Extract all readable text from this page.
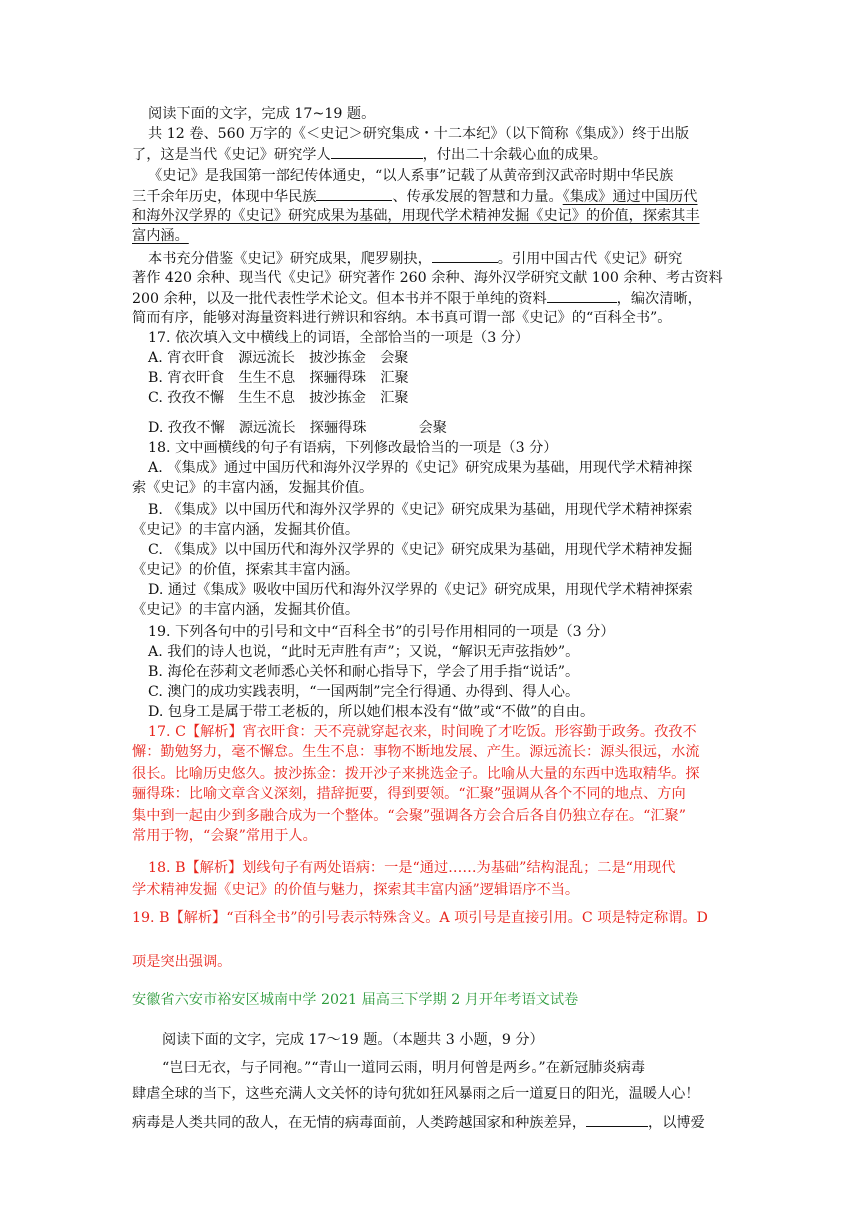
阅读下面的文字，完成 17~19 题。
共 12 卷、560 万字的《＜史记＞研究集成・十二本纪》（以下简称《集成》）终于出版
了，这是当代《史记》研究学人	，付出二十余载心血的成果。
《史记》是我国第一部纪传体通史，“以人系事”记载了从黄帝到汉武帝时期中华民族
三千余年历史，体现中华民族	、传承发展的智慧和力量。《集成》通过中国历代
和海外汉学界的《史记》研究成果为基础，用现代学术精神发掘《史记》的价值，探索其丰
富内涵。
本书充分借鉴《史记》研究成果，爬罗剔抉，	。引用中国古代《史记》研究
著作 420 余种、现当代《史记》研究著作 260 余种、海外汉学研究文献 100 余种、考古资料
200 余种，以及一批代表性学术论文。但本书并不限于单纯的资料	，编次清晰，
简而有序，能够对海量资料进行辨识和容纳。本书真可谓一部《史记》的“百科全书”。
17. 依次填入文中横线上的词语，全部恰当的一项是（3 分）
A. 宵衣旰食　源远流长　披沙拣金　会聚
B. 宵衣旰食　生生不息　探骊得珠　汇聚
C. 孜孜不懈　生生不息　披沙拣金　汇聚
D. 孜孜不懈　源远流长　探骊得珠	会聚
18. 文中画横线的句子有语病，下列修改最恰当的一项是（3 分）
A. 《集成》通过中国历代和海外汉学界的《史记》研究成果为基础，用现代学术精神探
索《史记》的丰富内涵，发掘其价值。
B. 《集成》以中国历代和海外汉学界的《史记》研究成果为基础，用现代学术精神探索
《史记》的丰富内涵，发掘其价值。
C. 《集成》以中国历代和海外汉学界的《史记》研究成果为基础，用现代学术精神发掘
《史记》的价值，探索其丰富内涵。
D. 通过《集成》吸收中国历代和海外汉学界的《史记》研究成果，用现代学术精神探索
《史记》的丰富内涵，发掘其价值。
19. 下列各句中的引号和文中“百科全书”的引号作用相同的一项是（3 分）
A. 我们的诗人也说，“此时无声胜有声”；又说，“解识无声弦指妙”。
B. 海伦在莎莉文老师悉心关怀和耐心指导下，学会了用手指“说话”。
C. 澳门的成功实践表明，“一国两制”完全行得通、办得到、得人心。
D. 包身工是属于带工老板的，所以她们根本没有“做”或“不做”的自由。
17. C【解析】宵衣旰食：天不亮就穿起衣来，时间晚了才吃饭。形容勤于政务。孜孜不
懈：勤勉努力，毫不懈怠。生生不息：事物不断地发展、产生。源远流长：源头很远，水流
很长。比喻历史悠久。披沙拣金：拨开沙子来挑选金子。比喻从大量的东西中选取精华。探
骊得珠：比喻文章含义深刻，措辞扼要，得到要领。“汇聚”强调从各个不同的地点、方向
集中到一起由少到多融合成为一个整体。“会聚”强调各方会合后各自仍独立存在。“汇聚”
常用于物，“会聚”常用于人。
18. B【解析】划线句子有两处语病：一是“通过……为基础”结构混乱；二是“用现代
学术精神发掘《史记》的价值与魅力，探索其丰富内涵”逻辑语序不当。
19. B【解析】“百科全书”的引号表示特殊含义。A 项引号是直接引用。C 项是特定称谓。D
项是突出强调。
安徽省六安市裕安区城南中学 2021 届高三下学期 2 月开年考语文试卷
阅读下面的文字，完成 17～19 题。（本题共 3 小题，9 分）
“岂曰无衣，与子同袍。”“青山一道同云雨，明月何曾是两乡。”在新冠肺炎病毒
肆虐全球的当下，这些充满人文关怀的诗句犹如狂风暴雨之后一道夏日的阳光，温暖人心！
病毒是人类共同的敌人，在无情的病毒面前，人类跨越国家和种族差异，	，以博爱
